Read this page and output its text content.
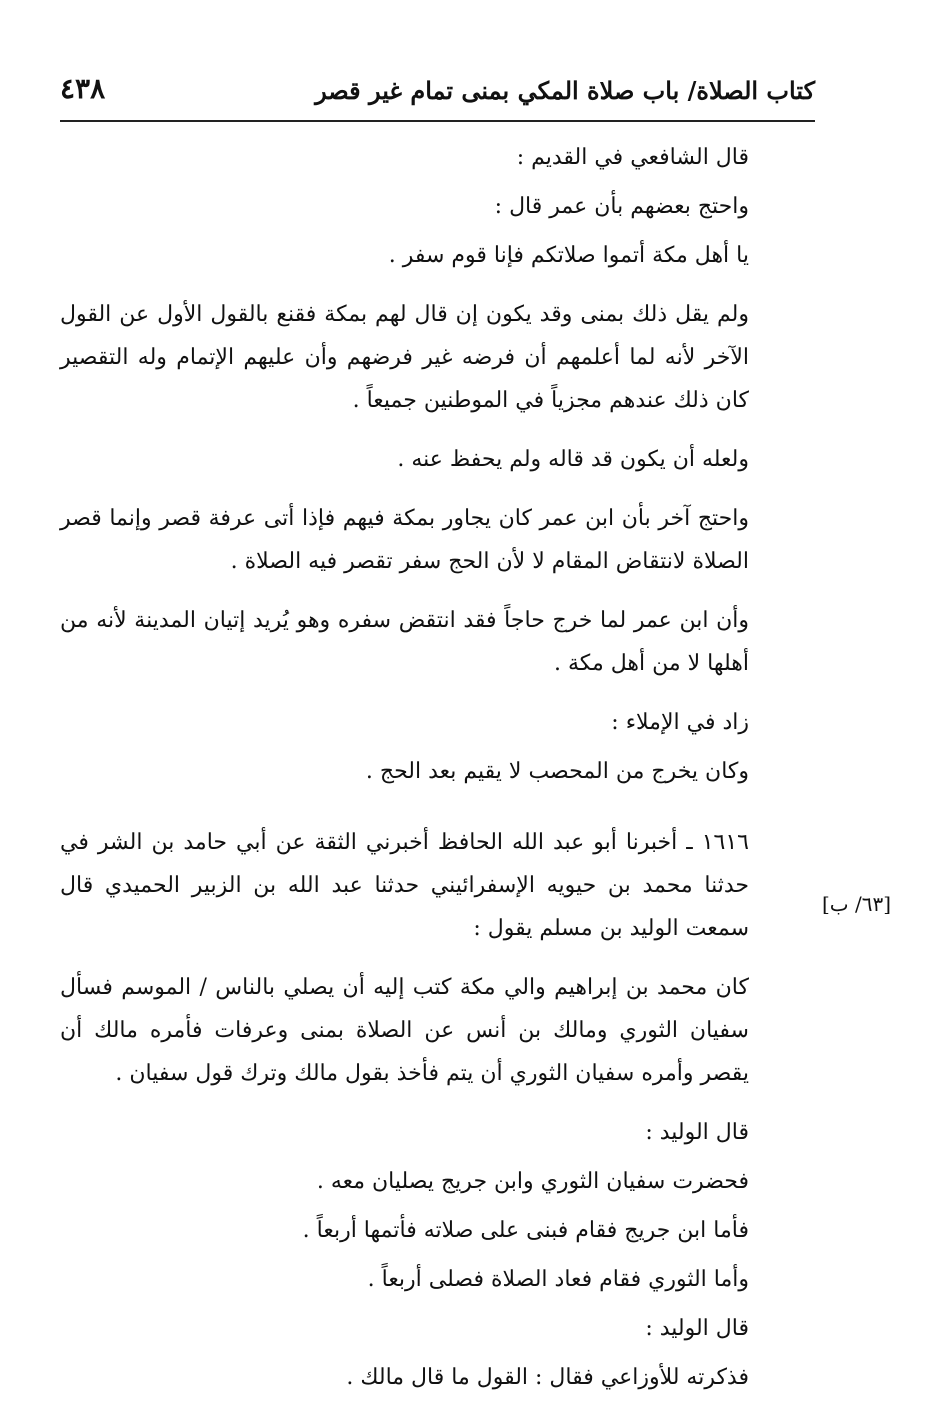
٤٣٨	كتاب الصلاة/ باب صلاة المكي بمنى تمام غير قصر
[٦٣/ ب]

قال الشافعي في القديم :

واحتج بعضهم بأن عمر قال :

يا أهل مكة أتموا صلاتكم فإنا قوم سفر .

ولم يقل ذلك بمنى وقد يكون إن قال لهم بمكة فقنع بالقول الأول عن القول الآخر لأنه لما أعلمهم أن فرضه غير فرضهم وأن عليهم الإتمام وله التقصير كان ذلك عندهم مجزياً في الموطنين جميعاً .

ولعله أن يكون قد قاله ولم يحفظ عنه .

واحتج آخر بأن ابن عمر كان يجاور بمكة فيهم فإذا أتى عرفة قصر وإنما قصر الصلاة لانتقاض المقام لا لأن الحج سفر تقصر فيه الصلاة .

وأن ابن عمر لما خرج حاجاً فقد انتقض سفره وهو يُريد إتيان المدينة لأنه من أهلها لا من أهل مكة .

زاد في الإملاء :

وكان يخرج من المحصب لا يقيم بعد الحج .

١٦١٦ ـ أخبرنا أبو عبد الله الحافظ أخبرني الثقة عن أبي حامد بن الشر في حدثنا محمد بن حيويه الإسفرائيني حدثنا عبد الله بن الزبير الحميدي قال سمعت الوليد بن مسلم يقول :

كان محمد بن إبراهيم والي مكة كتب إليه أن يصلي بالناس / الموسم فسأل سفيان الثوري ومالك بن أنس عن الصلاة بمنى وعرفات فأمره مالك أن يقصر وأمره سفيان الثوري أن يتم فأخذ بقول مالك وترك قول سفيان .

قال الوليد :

فحضرت سفيان الثوري وابن جريج يصليان معه .

فأما ابن جريج فقام فبنى على صلاته فأتمها أربعاً .

وأما الثوري فقام فعاد الصلاة فصلى أربعاً .

قال الوليد :

فذكرته للأوزاعي فقال : القول ما قال مالك .
